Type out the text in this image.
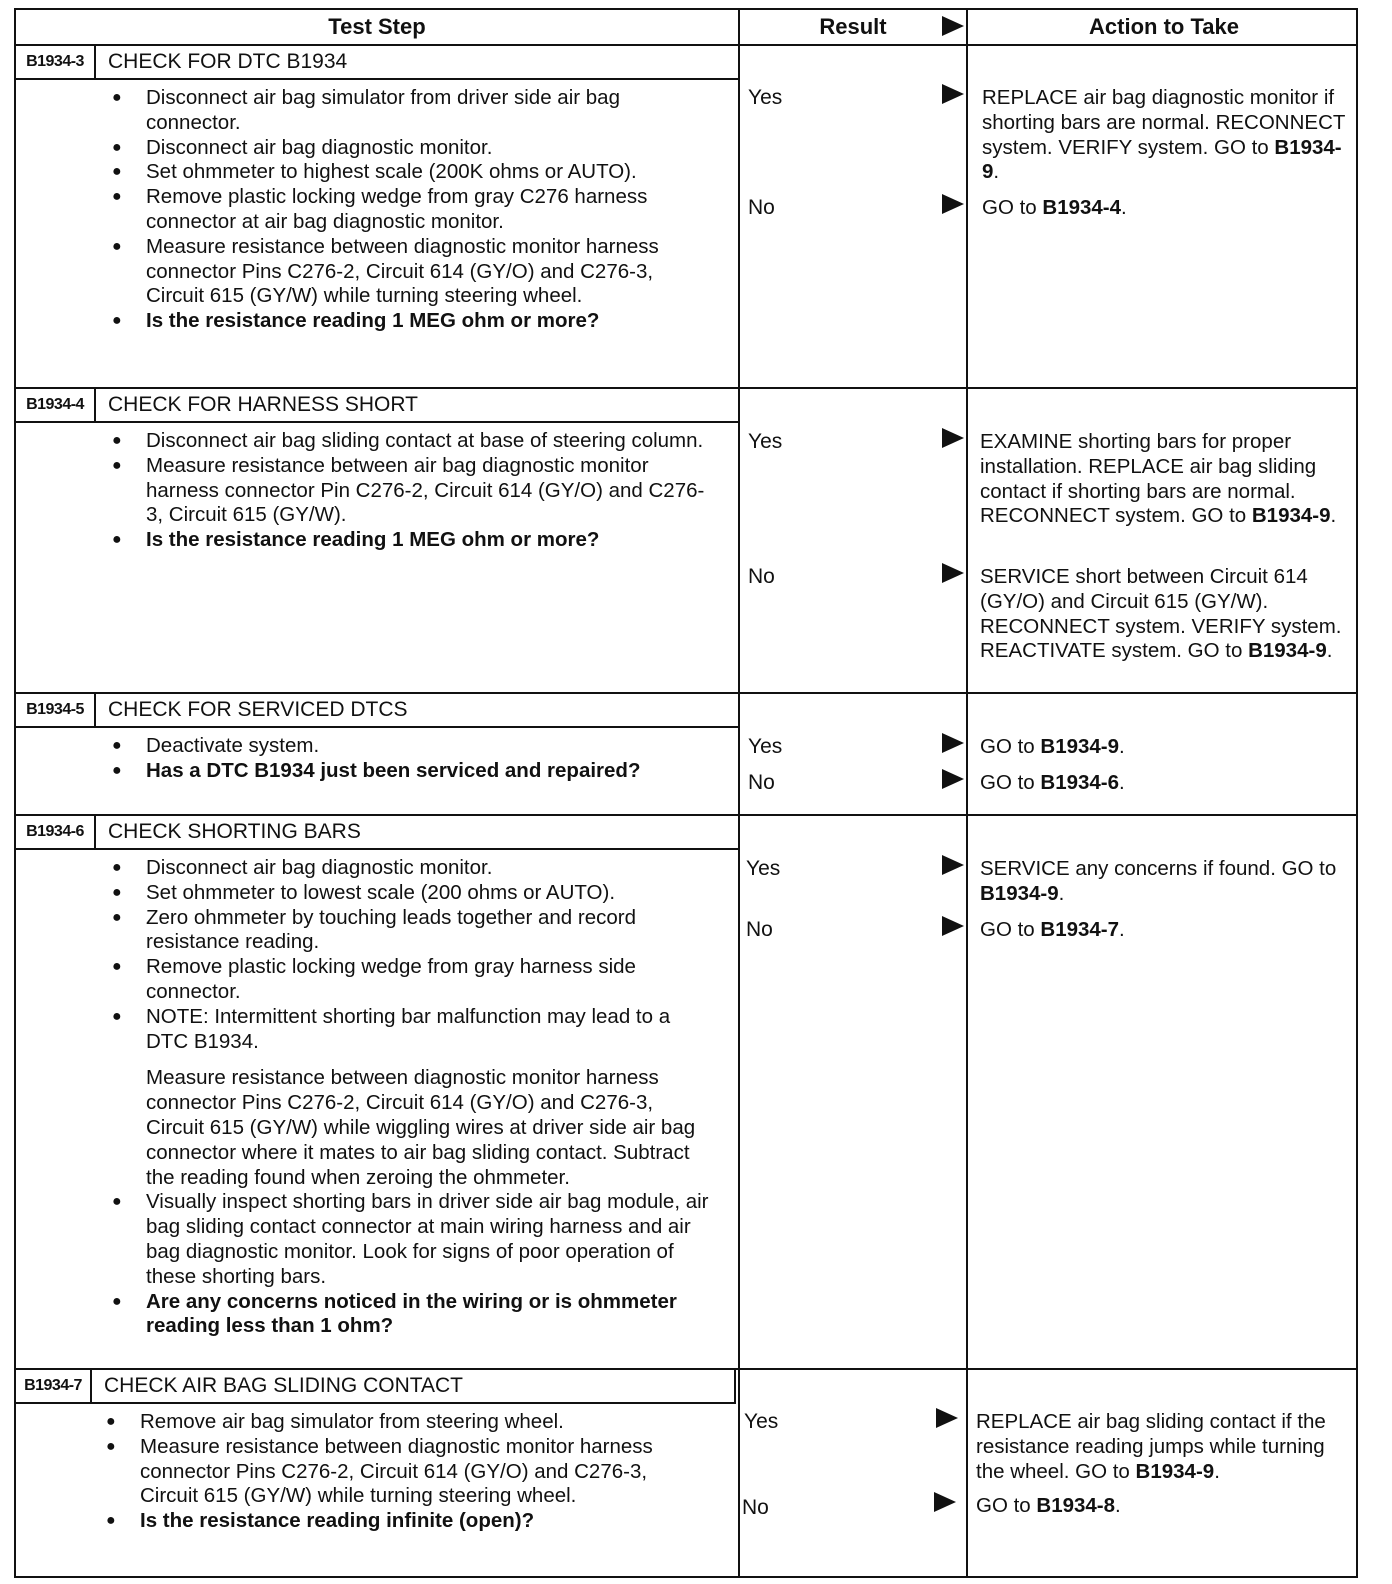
Test Step	Result	Action to Take
B1934-3	CHECK FOR DTC B1934
● Disconnect air bag simulator from driver side air bag connector.
● Disconnect air bag diagnostic monitor.
● Set ohmmeter to highest scale (200K ohms or AUTO).
● Remove plastic locking wedge from gray C276 harness connector at air bag diagnostic monitor.
● Measure resistance between diagnostic monitor harness connector Pins C276-2, Circuit 614 (GY/O) and C276-3, Circuit 615 (GY/W) while turning steering wheel.
● Is the resistance reading 1 MEG ohm or more?
Yes	REPLACE air bag diagnostic monitor if shorting bars are normal. RECONNECT system. VERIFY system. GO to B1934-9.
No	GO to B1934-4.
B1934-4	CHECK FOR HARNESS SHORT
● Disconnect air bag sliding contact at base of steering column.
● Measure resistance between air bag diagnostic monitor harness connector Pin C276-2, Circuit 614 (GY/O) and C276-3, Circuit 615 (GY/W).
● Is the resistance reading 1 MEG ohm or more?
Yes	EXAMINE shorting bars for proper installation. REPLACE air bag sliding contact if shorting bars are normal. RECONNECT system. GO to B1934-9.
No	SERVICE short between Circuit 614 (GY/O) and Circuit 615 (GY/W). RECONNECT system. VERIFY system. REACTIVATE system. GO to B1934-9.
B1934-5	CHECK FOR SERVICED DTCS
● Deactivate system.
● Has a DTC B1934 just been serviced and repaired?
Yes	GO to B1934-9.
No	GO to B1934-6.
B1934-6	CHECK SHORTING BARS
● Disconnect air bag diagnostic monitor.
● Set ohmmeter to lowest scale (200 ohms or AUTO).
● Zero ohmmeter by touching leads together and record resistance reading.
● Remove plastic locking wedge from gray harness side connector.
● NOTE: Intermittent shorting bar malfunction may lead to a DTC B1934.
Measure resistance between diagnostic monitor harness connector Pins C276-2, Circuit 614 (GY/O) and C276-3, Circuit 615 (GY/W) while wiggling wires at driver side air bag connector where it mates to air bag sliding contact. Subtract the reading found when zeroing the ohmmeter.
● Visually inspect shorting bars in driver side air bag module, air bag sliding contact connector at main wiring harness and air bag diagnostic monitor. Look for signs of poor operation of these shorting bars.
● Are any concerns noticed in the wiring or is ohmmeter reading less than 1 ohm?
Yes	SERVICE any concerns if found. GO to B1934-9.
No	GO to B1934-7.
B1934-7	CHECK AIR BAG SLIDING CONTACT
● Remove air bag simulator from steering wheel.
● Measure resistance between diagnostic monitor harness connector Pins C276-2, Circuit 614 (GY/O) and C276-3, Circuit 615 (GY/W) while turning steering wheel.
● Is the resistance reading infinite (open)?
Yes	REPLACE air bag sliding contact if the resistance reading jumps while turning the wheel. GO to B1934-9.
No	GO to B1934-8.
